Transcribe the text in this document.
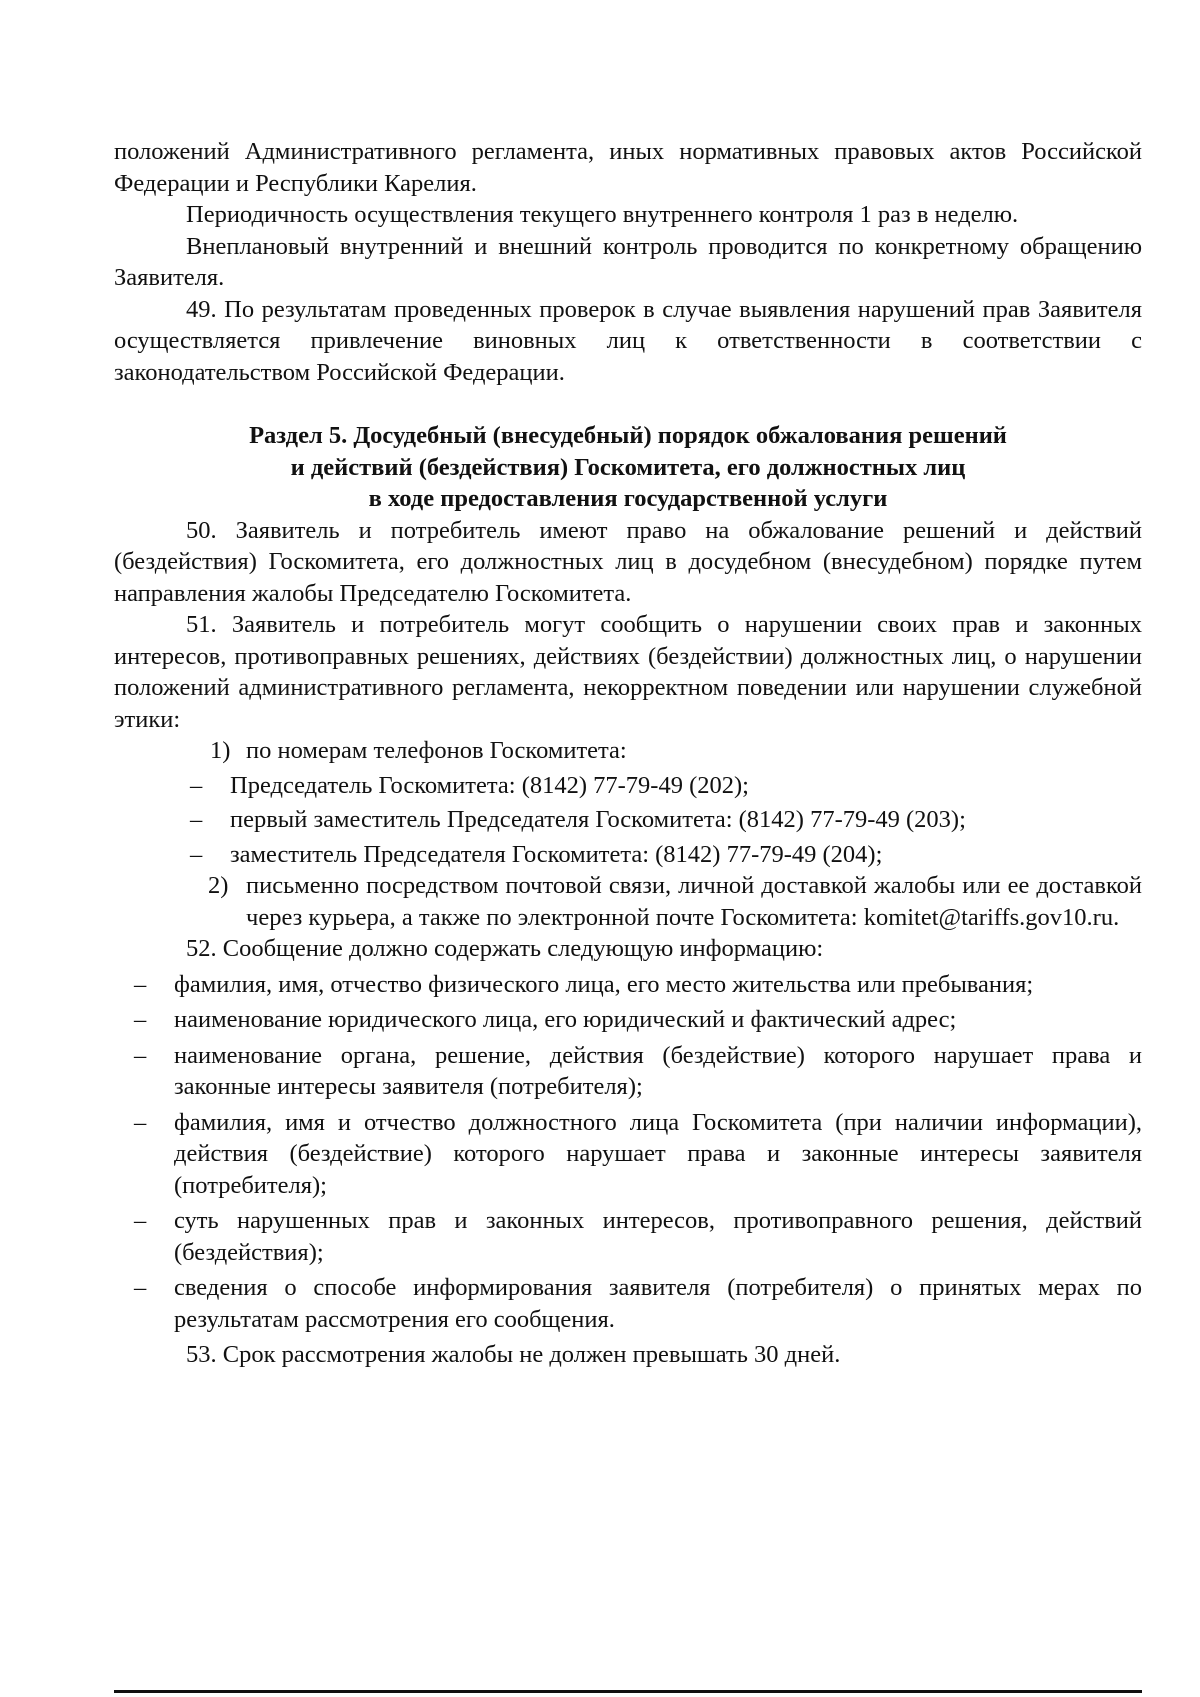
положений Административного регламента, иных нормативных правовых актов Российской Федерации и Республики Карелия.

Периодичность осуществления текущего внутреннего контроля 1 раз в неделю.

Внеплановый внутренний и внешний контроль проводится по конкретному обращению Заявителя.

49. По результатам проведенных проверок в случае выявления нарушений прав Заявителя осуществляется привлечение виновных лиц к ответственности в соответствии с законодательством Российской Федерации.

Раздел 5. Досудебный (внесудебный) порядок обжалования решений
и действий (бездействия) Госкомитета, его должностных лиц
в ходе предоставления государственной услуги

50. Заявитель и потребитель имеют право на обжалование решений и действий (бездействия) Госкомитета, его должностных лиц в досудебном (внесудебном) порядке путем направления жалобы Председателю Госкомитета.

51. Заявитель и потребитель могут сообщить о нарушении своих прав и законных интересов, противоправных решениях, действиях (бездействии) должностных лиц, о нарушении положений административного регламента, некорректном поведении или нарушении служебной этики:

1) по номерам телефонов Госкомитета:
–	Председатель Госкомитета: (8142) 77-79-49 (202);
–	первый заместитель Председателя Госкомитета: (8142) 77-79-49 (203);
–	заместитель Председателя Госкомитета: (8142) 77-79-49 (204);
2) письменно посредством почтовой связи, личной доставкой жалобы или ее доставкой через курьера, а также по электронной почте Госкомитета: komitet@tariffs.gov10.ru.

52. Сообщение должно содержать следующую информацию:

–	фамилия, имя, отчество физического лица, его место жительства или пребывания;
–	наименование юридического лица, его юридический и фактический адрес;
–	наименование органа, решение, действия (бездействие) которого нарушает права и законные интересы заявителя (потребителя);
–	фамилия, имя и отчество должностного лица Госкомитета (при наличии информации), действия (бездействие) которого нарушает права и законные интересы заявителя (потребителя);
–	суть нарушенных прав и законных интересов, противоправного решения, действий (бездействия);
–	сведения о способе информирования заявителя (потребителя) о принятых мерах по результатам рассмотрения его сообщения.

53. Срок рассмотрения жалобы не должен превышать 30 дней.
